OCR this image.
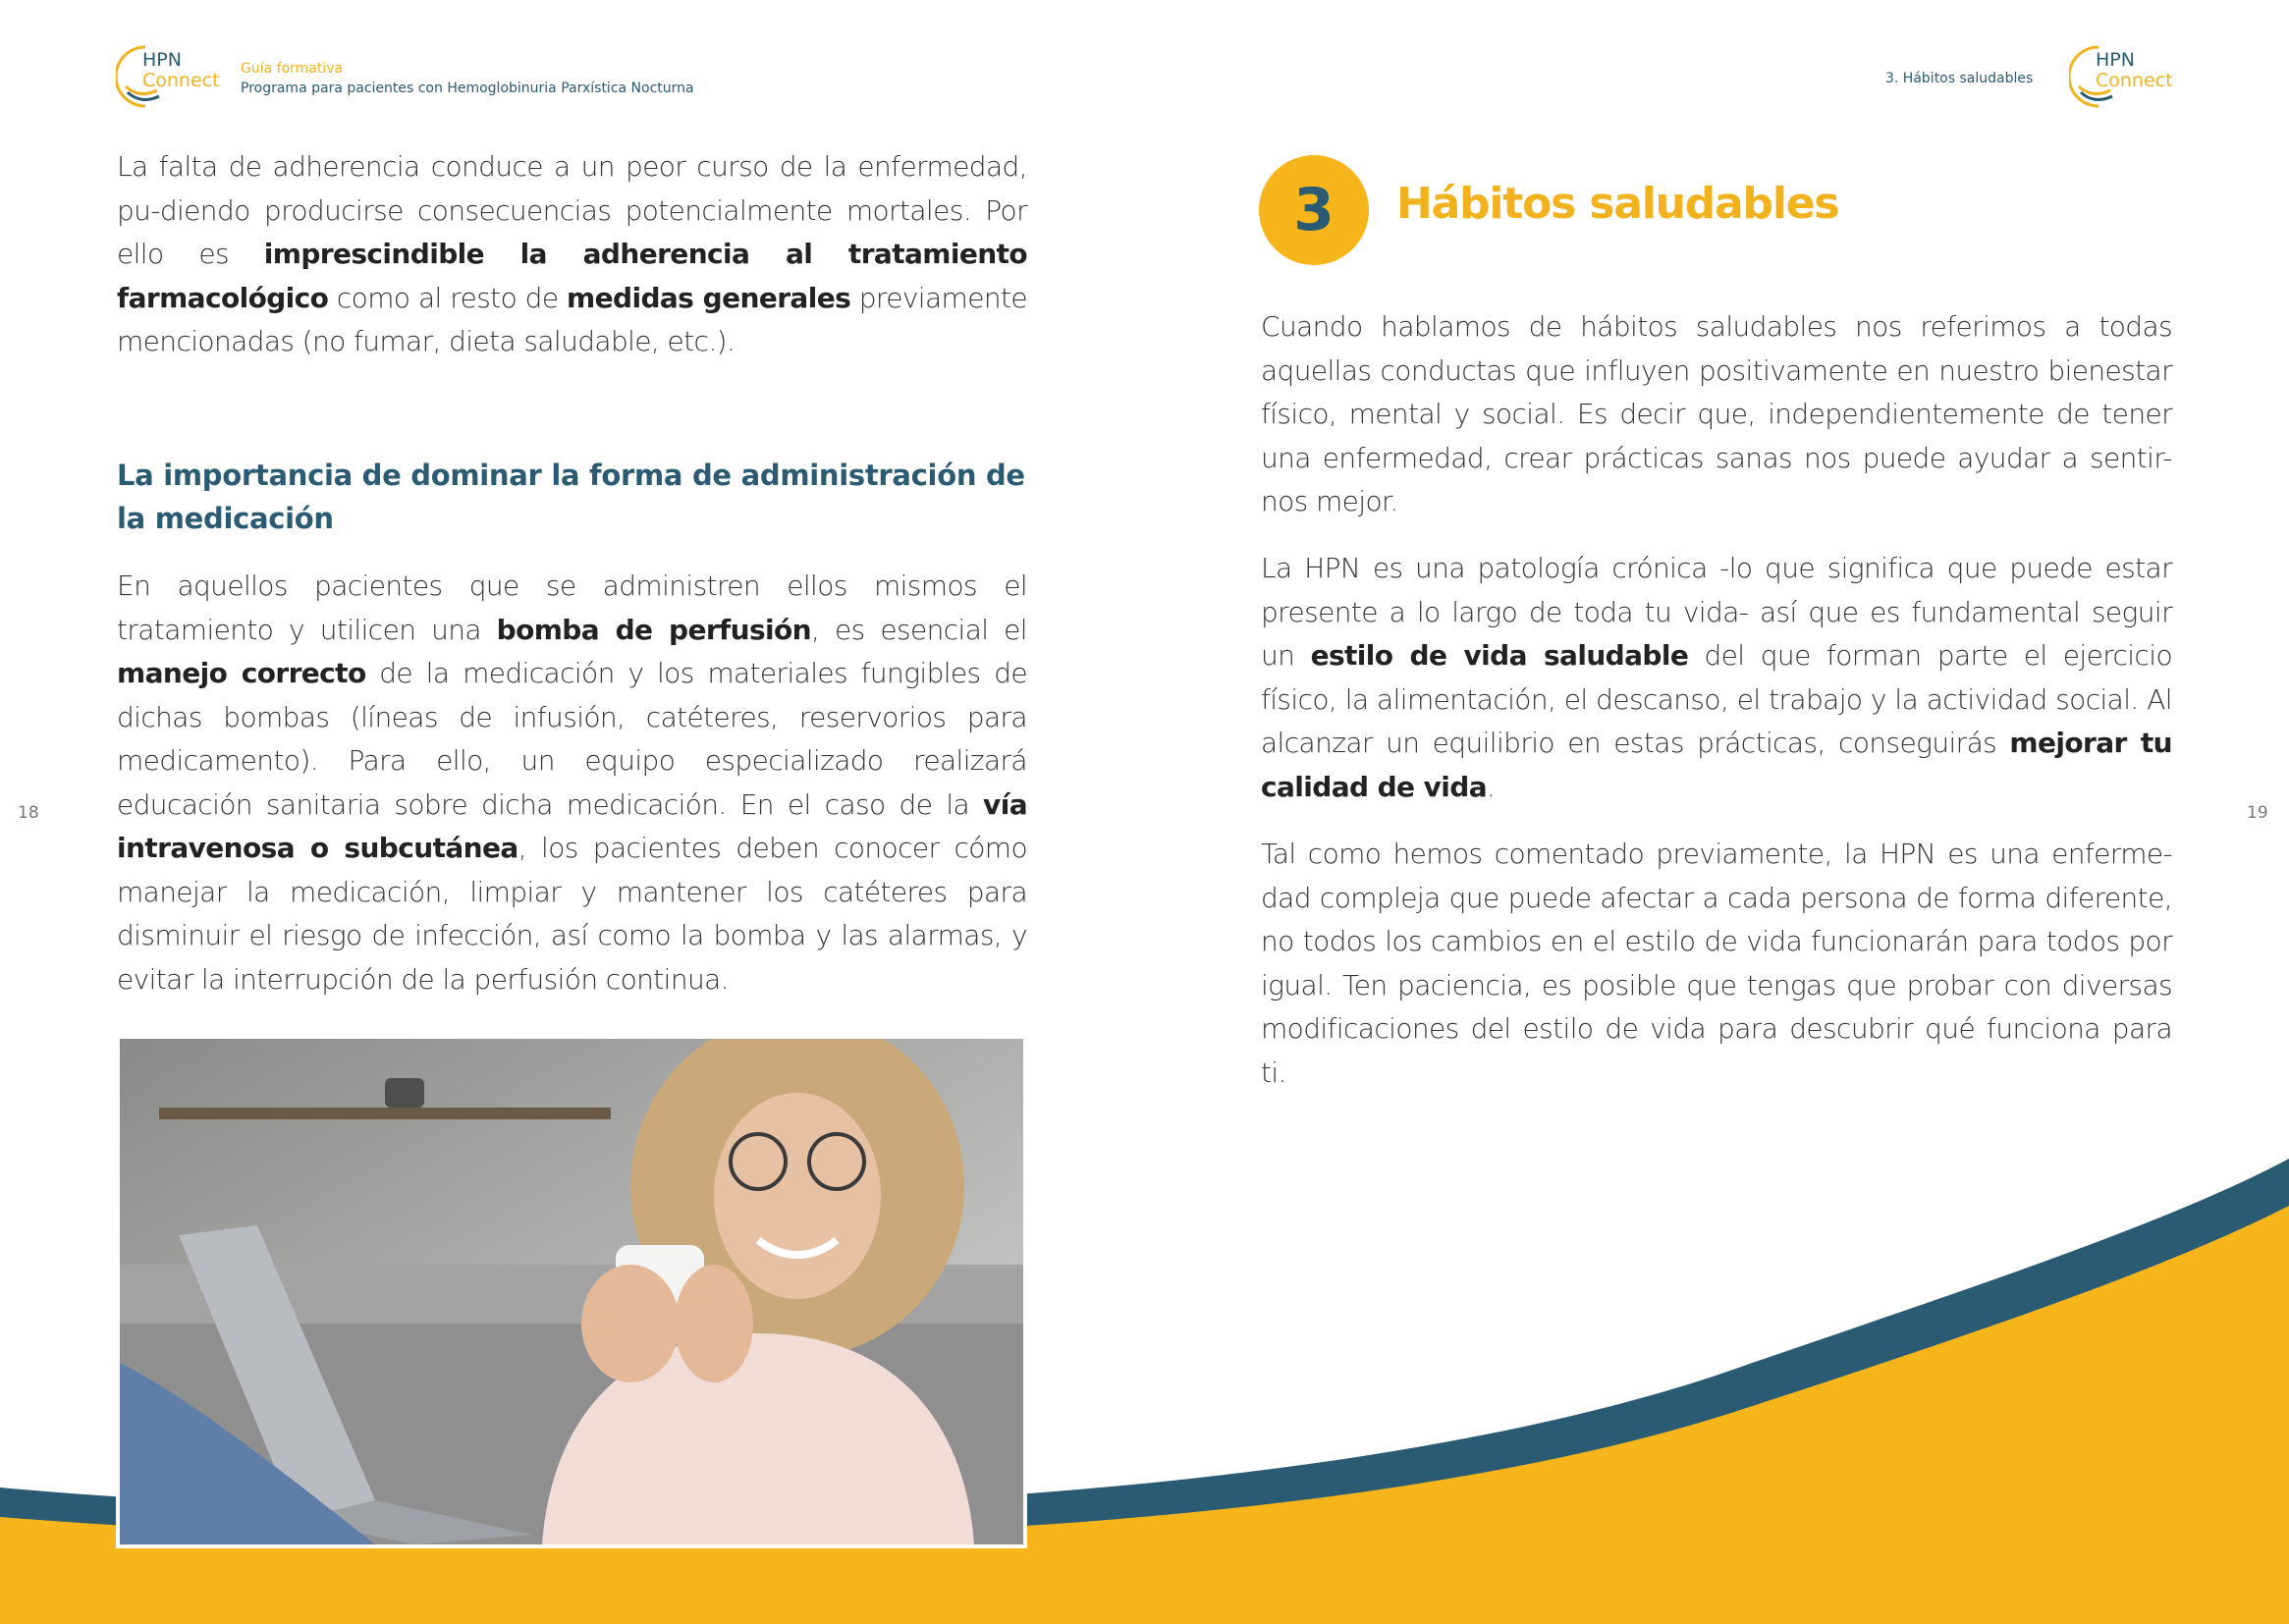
HPN
Connect
Guía formativa
Programa para pacientes con Hemoglobinuria Parxística Nocturna
3. Hábitos saludables
HPN
Connect
La falta de adherencia conduce a un peor curso de la enfermedad, pu-diendo producirse consecuencias potencialmente mortales. Por ello es imprescindible la adherencia al tratamiento farmacológico como al resto de medidas generales previamente mencionadas (no fumar, dieta saludable, etc.).
La importancia de dominar la forma de administración de la medicación
En aquellos pacientes que se administren ellos mismos el tratamiento y utilicen una bomba de perfusión, es esencial el manejo correcto de la medicación y los materiales fungibles de dichas bombas (líneas de infusión, catéteres, reservorios para medicamento). Para ello, un equipo especializado realizará educación sanitaria sobre dicha medicación. En el caso de la vía intravenosa o subcutánea, los pacientes deben conocer cómo manejar la medicación, limpiar y mantener los catéteres para disminuir el riesgo de infección, así como la bomba y las alarmas, y evitar la interrupción de la perfusión continua.
18
3 Hábitos saludables
Cuando hablamos de hábitos saludables nos referimos a todas aquellas conductas que influyen positivamente en nuestro bienestar físico, mental y social. Es decir que, independientemente de tener una enfermedad, crear prácticas sanas nos puede ayudar a sentir-nos mejor.
La HPN es una patología crónica -lo que significa que puede estar presente a lo largo de toda tu vida- así que es fundamental seguir un estilo de vida saludable del que forman parte el ejercicio físico, la alimentación, el descanso, el trabajo y la actividad social. Al alcanzar un equilibrio en estas prácticas, conseguirás mejorar tu calidad de vida.
Tal como hemos comentado previamente, la HPN es una enferme-dad compleja que puede afectar a cada persona de forma diferente, no todos los cambios en el estilo de vida funcionarán para todos por igual. Ten paciencia, es posible que tengas que probar con diversas modificaciones del estilo de vida para descubrir qué funciona para ti.
19
